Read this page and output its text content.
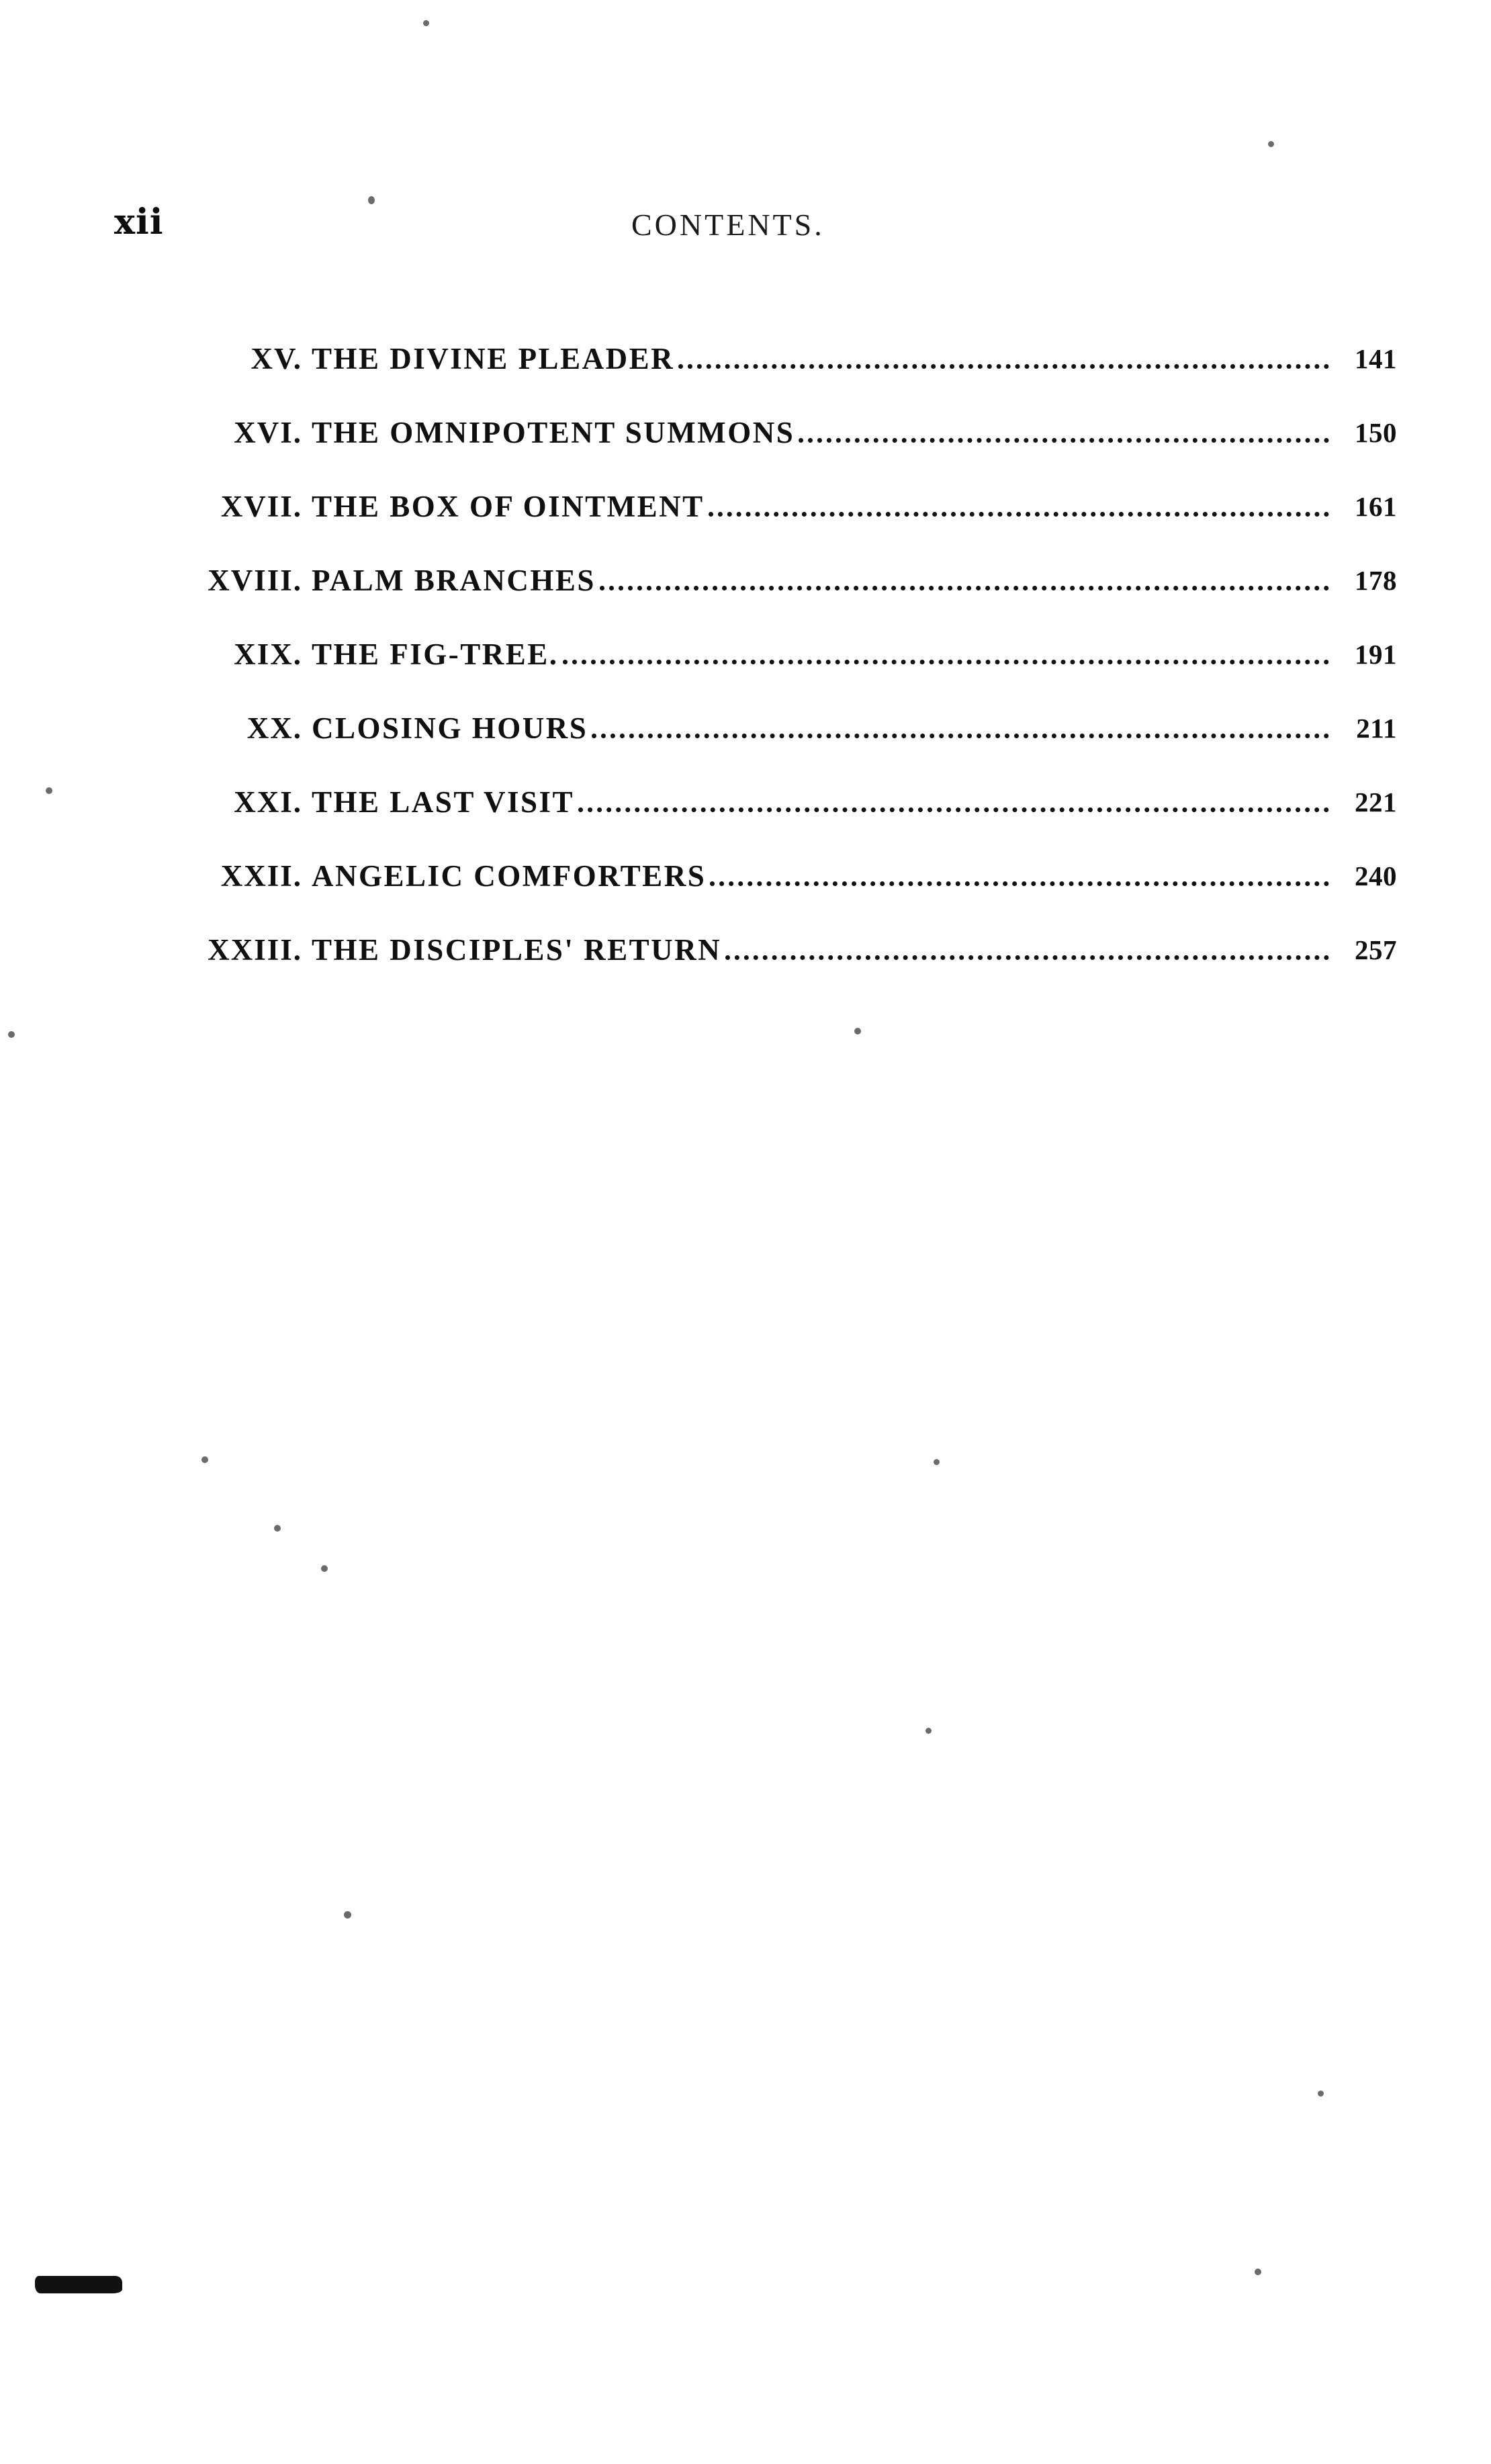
xii	CONTENTS.
XV. THE DIVINE PLEADER	141
XVI. THE OMNIPOTENT SUMMONS	150
XVII. THE BOX OF OINTMENT	161
XVIII. PALM BRANCHES	178
XIX. THE FIG-TREE.	191
XX. CLOSING HOURS	211
XXI. THE LAST VISIT	221
XXII. ANGELIC COMFORTERS	240
XXIII. THE DISCIPLES' RETURN	257
